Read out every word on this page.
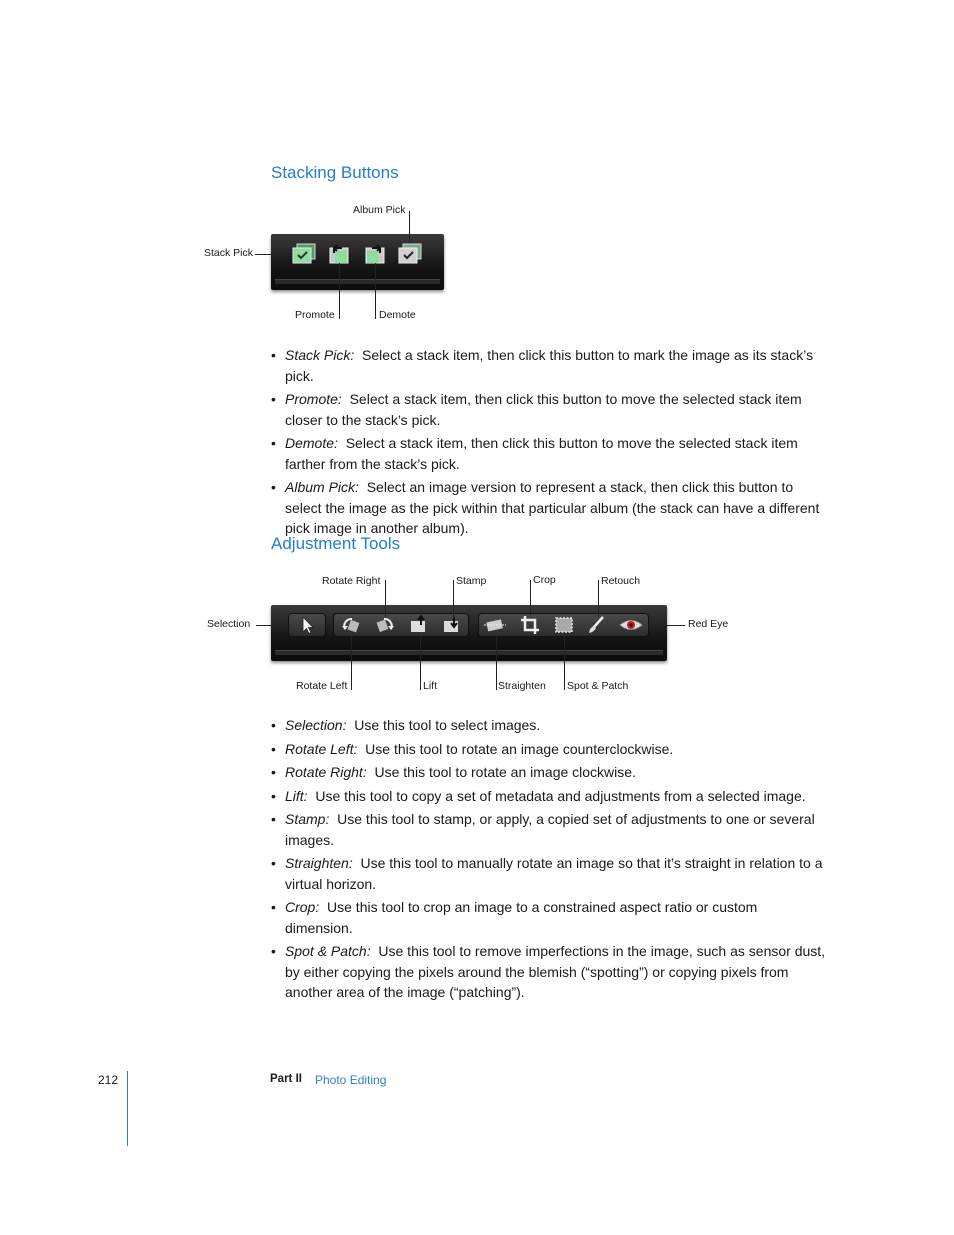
Stacking Buttons
Album Pick
Stack Pick
Promote	Demote
• Stack Pick: Select a stack item, then click this button to mark the image as its stack’s pick.
• Promote: Select a stack item, then click this button to move the selected stack item closer to the stack’s pick.
• Demote: Select a stack item, then click this button to move the selected stack item farther from the stack’s pick.
• Album Pick: Select an image version to represent a stack, then click this button to select the image as the pick within that particular album (the stack can have a different pick image in another album).
Adjustment Tools
Rotate Right	Stamp	Crop	Retouch
Selection	Red Eye
Rotate Left	Lift	Straighten Spot & Patch
• Selection: Use this tool to select images.
• Rotate Left: Use this tool to rotate an image counterclockwise.
• Rotate Right: Use this tool to rotate an image clockwise.
• Lift: Use this tool to copy a set of metadata and adjustments from a selected image.
• Stamp: Use this tool to stamp, or apply, a copied set of adjustments to one or several images.
• Straighten: Use this tool to manually rotate an image so that it’s straight in relation to a virtual horizon.
• Crop: Use this tool to crop an image to a constrained aspect ratio or custom dimension.
• Spot & Patch: Use this tool to remove imperfections in the image, such as sensor dust, by either copying the pixels around the blemish (“spotting”) or copying pixels from another area of the image (“patching”).
212	Part II Photo Editing
